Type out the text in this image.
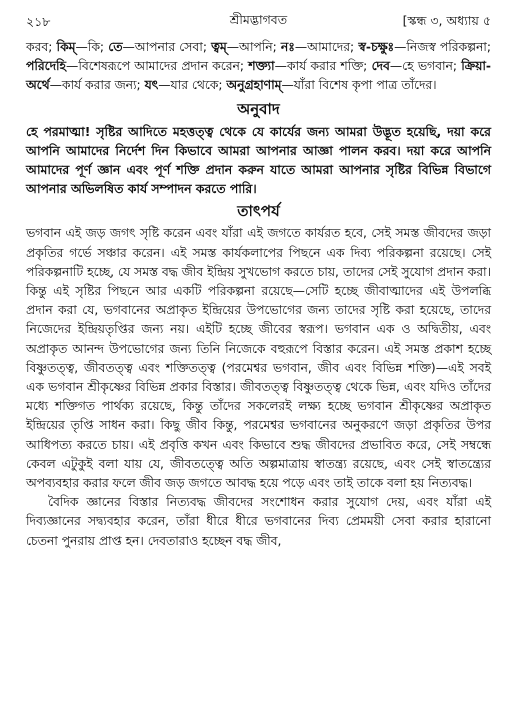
২১৮	শ্রীমদ্ভাগবত	[স্কন্ধ ৩, অধ্যায় ৫

করব; কিম্—কি; তে—আপনার সেবা; ত্বম্—আপনি; নঃ—আমাদের; স্ব-চক্ষুঃ—নিজস্ব পরিকল্পনা; পরিদেহি—বিশেষরূপে আমাদের প্রদান করেন; শক্ত্যা—কার্য করার শক্তি; দেব—হে ভগবান; ক্রিয়া-অর্থে—কার্য করার জন্য; যৎ—যার থেকে; অনুগ্রহাণাম্—যাঁরা বিশেষ কৃপা পাত্র তাঁদের।

অনুবাদ

হে পরমাত্মা! সৃষ্টির আদিতে মহত্তত্ত্ব থেকে যে কার্যের জন্য আমরা উদ্ভূত হয়েছি, দয়া করে আপনি আমাদের নির্দেশ দিন কিভাবে আমরা আপনার আজ্ঞা পালন করব। দয়া করে আপনি আমাদের পূর্ণ জ্ঞান এবং পূর্ণ শক্তি প্রদান করুন যাতে আমরা আপনার সৃষ্টির বিভিন্ন বিভাগে আপনার অভিলষিত কার্য সম্পাদন করতে পারি।

তাৎপর্য

ভগবান এই জড় জগৎ সৃষ্টি করেন এবং যাঁরা এই জগতে কার্যরত হবে, সেই সমস্ত জীবদের জড়া প্রকৃতির গর্ভে সঞ্চার করেন। এই সমস্ত কার্যকলাপের পিছনে এক দিব্য পরিকল্পনা রয়েছে। সেই পরিকল্পনাটি হচ্ছে, যে সমস্ত বদ্ধ জীব ইন্দ্রিয় সুখভোগ করতে চায়, তাদের সেই সুযোগ প্রদান করা। কিন্তু এই সৃষ্টির পিছনে আর একটি পরিকল্পনা রয়েছে—সেটি হচ্ছে জীবাত্মাদের এই উপলব্ধি প্রদান করা যে, ভগবানের অপ্রাকৃত ইন্দ্রিয়ের উপভোগের জন্য তাদের সৃষ্টি করা হয়েছে, তাদের নিজেদের ইন্দ্রিয়তৃপ্তির জন্য নয়। এইটি হচ্ছে জীবের স্বরূপ। ভগবান এক ও অদ্বিতীয়, এবং অপ্রাকৃত আনন্দ উপভোগের জন্য তিনি নিজেকে বহুরূপে বিস্তার করেন। এই সমস্ত প্রকাশ হচ্ছে বিষ্ণুতত্ত্ব, জীবতত্ত্ব এবং শক্তিতত্ত্ব (পরমেশ্বর ভগবান, জীব এবং বিভিন্ন শক্তি)—এই সবই এক ভগবান শ্রীকৃষ্ণের বিভিন্ন প্রকার বিস্তার। জীবতত্ত্ব বিষ্ণুতত্ত্ব থেকে ভিন্ন, এবং যদিও তাঁদের মধ্যে শক্তিগত পার্থক্য রয়েছে, কিন্তু তাঁদের সকলেরই লক্ষ্য হচ্ছে ভগবান শ্রীকৃষ্ণের অপ্রাকৃত ইন্দ্রিয়ের তৃপ্তি সাধন করা। কিছু জীব কিন্তু, পরমেশ্বর ভগবানের অনুকরণে জড়া প্রকৃতির উপর আধিপত্য করতে চায়। এই প্রবৃত্তি কখন এবং কিভাবে শুদ্ধ জীবদের প্রভাবিত করে, সেই সম্বন্ধে কেবল এটুকুই বলা যায় যে, জীবতত্ত্বে অতি অল্পমাত্রায় স্বাতন্ত্র্য রয়েছে, এবং সেই স্বাতন্ত্র্যের অপব্যবহার করার ফলে জীব জড় জগতে আবদ্ধ হয়ে পড়ে এবং তাই তাকে বলা হয় নিত্যবদ্ধ।

বৈদিক জ্ঞানের বিস্তার নিত্যবদ্ধ জীবদের সংশোধন করার সুযোগ দেয়, এবং যাঁরা এই দিব্যজ্ঞানের সদ্ব্যবহার করেন, তাঁরা ধীরে ধীরে ভগবানের দিব্য প্রেমময়ী সেবা করার হারানো চেতনা পুনরায় প্রাপ্ত হন। দেবতারাও হচ্ছেন বদ্ধ জীব,
